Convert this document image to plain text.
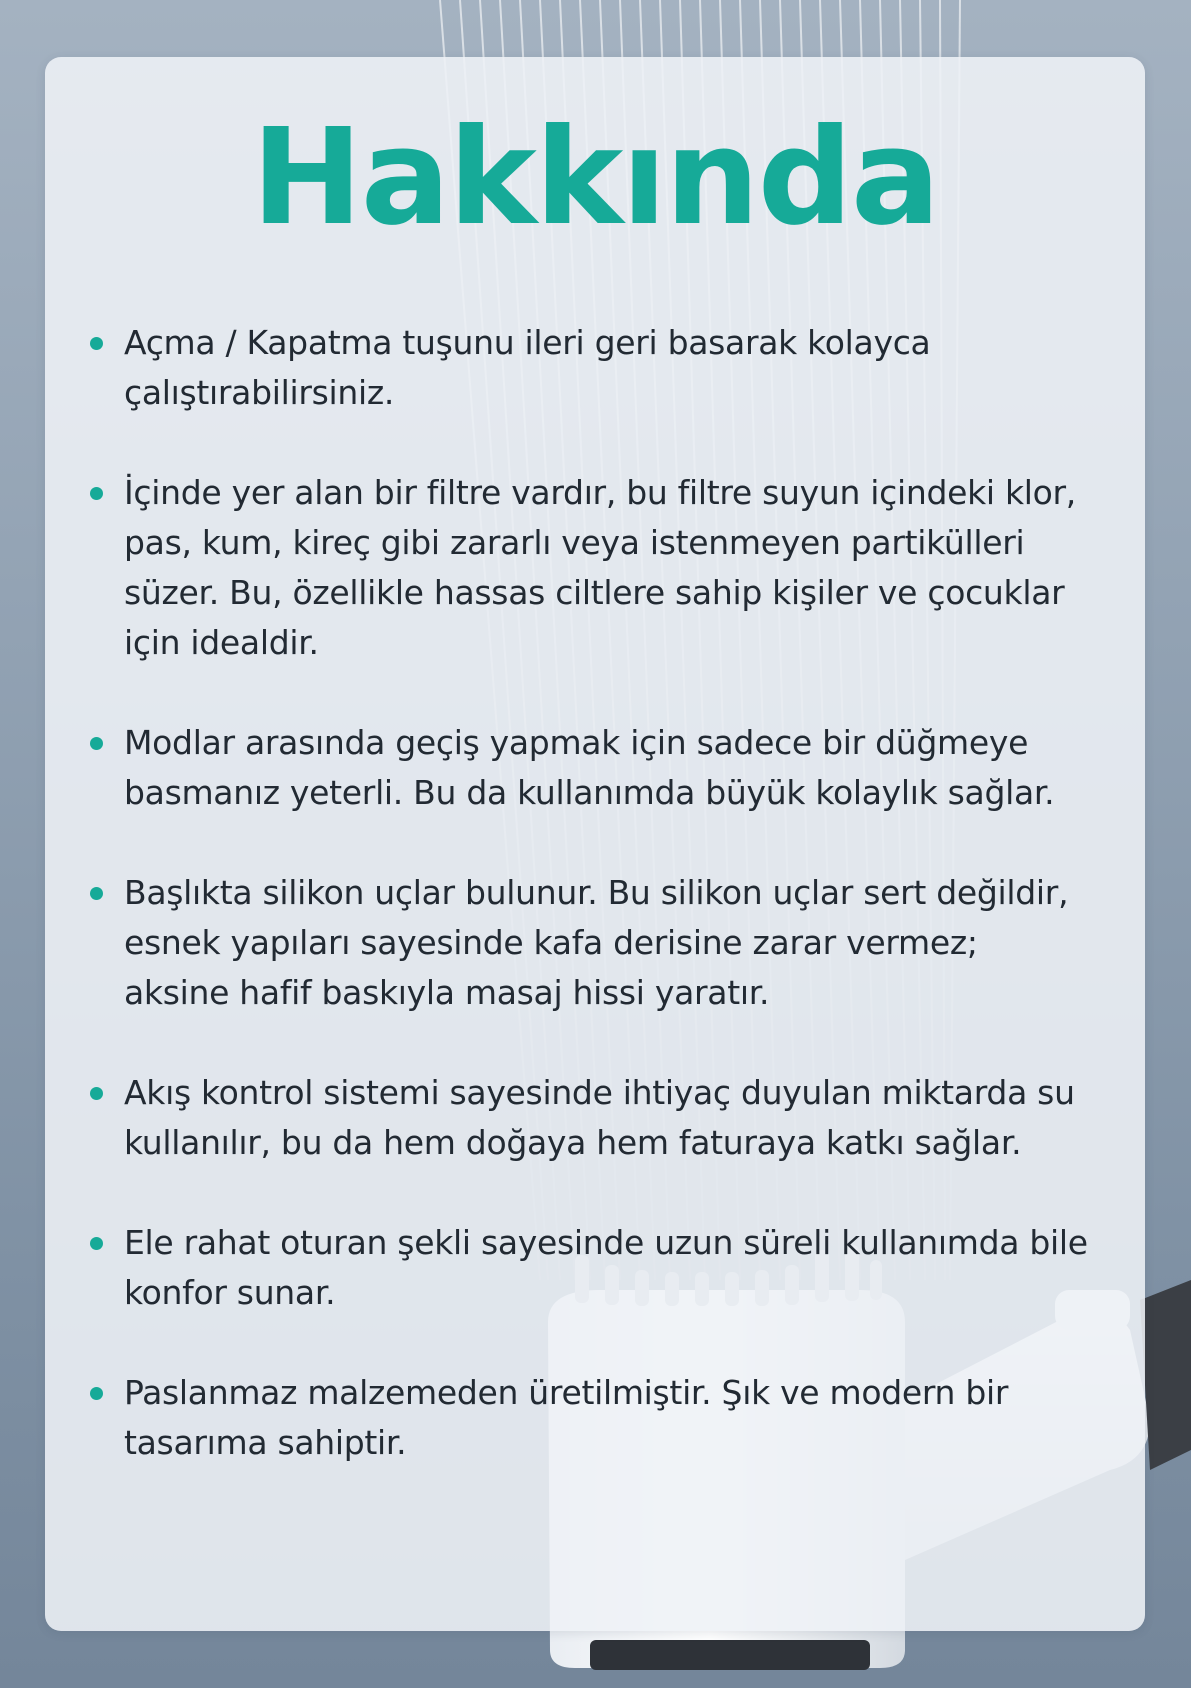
Hakkında
Açma / Kapatma tuşunu ileri geri basarak kolayca çalıştırabilirsiniz.
İçinde yer alan bir filtre vardır, bu filtre suyun içindeki klor, pas, kum, kireç gibi zararlı veya istenmeyen partikülleri süzer. Bu, özellikle hassas ciltlere sahip kişiler ve çocuklar için idealdir.
Modlar arasında geçiş yapmak için sadece bir düğmeye basmanız yeterli. Bu da kullanımda büyük kolaylık sağlar.
Başlıkta silikon uçlar bulunur. Bu silikon uçlar sert değildir, esnek yapıları sayesinde kafa derisine zarar vermez; aksine hafif baskıyla masaj hissi yaratır.
Akış kontrol sistemi sayesinde ihtiyaç duyulan miktarda su kullanılır, bu da hem doğaya hem faturaya katkı sağlar.
Ele rahat oturan şekli sayesinde uzun süreli kullanımda bile konfor sunar.
Paslanmaz malzemeden üretilmiştir. Şık ve modern bir tasarıma sahiptir.
